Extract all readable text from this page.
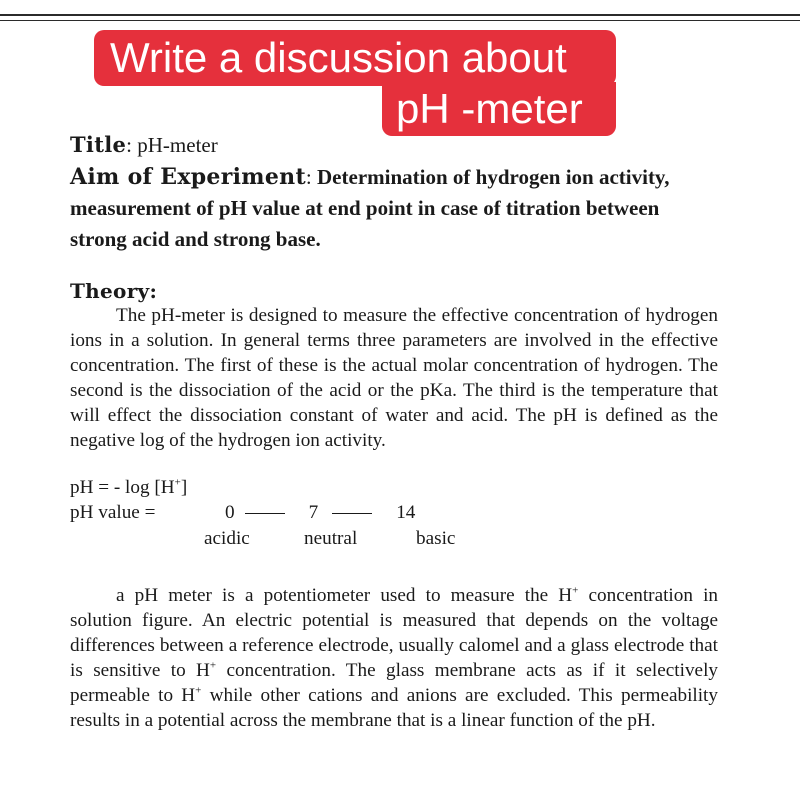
Write a discussion about
pH -meter
Title: pH-meter
Aim of Experiment: Determination of hydrogen ion activity, measurement of pH value at end point in case of titration between strong acid and strong base.
Theory:

The pH-meter is designed to measure the effective concentration of hydrogen ions in a solution. In general terms three parameters are involved in the effective concentration. The first of these is the actual molar concentration of hydrogen. The second is the dissociation of the acid or the pKa. The third is the temperature that will effect the dissociation constant of water and acid. The pH is defined as the negative log of the hydrogen ion activity.

pH = - log [H+]
pH value =	0	7	14
acidic	neutral	basic

a pH meter is a potentiometer used to measure the H+ concentration in solution figure. An electric potential is measured that depends on the voltage differences between a reference electrode, usually calomel and a glass electrode that is sensitive to H+ concentration. The glass membrane acts as if it selectively permeable to H+ while other cations and anions are excluded. This permeability results in a potential across the membrane that is a linear function of the pH.
